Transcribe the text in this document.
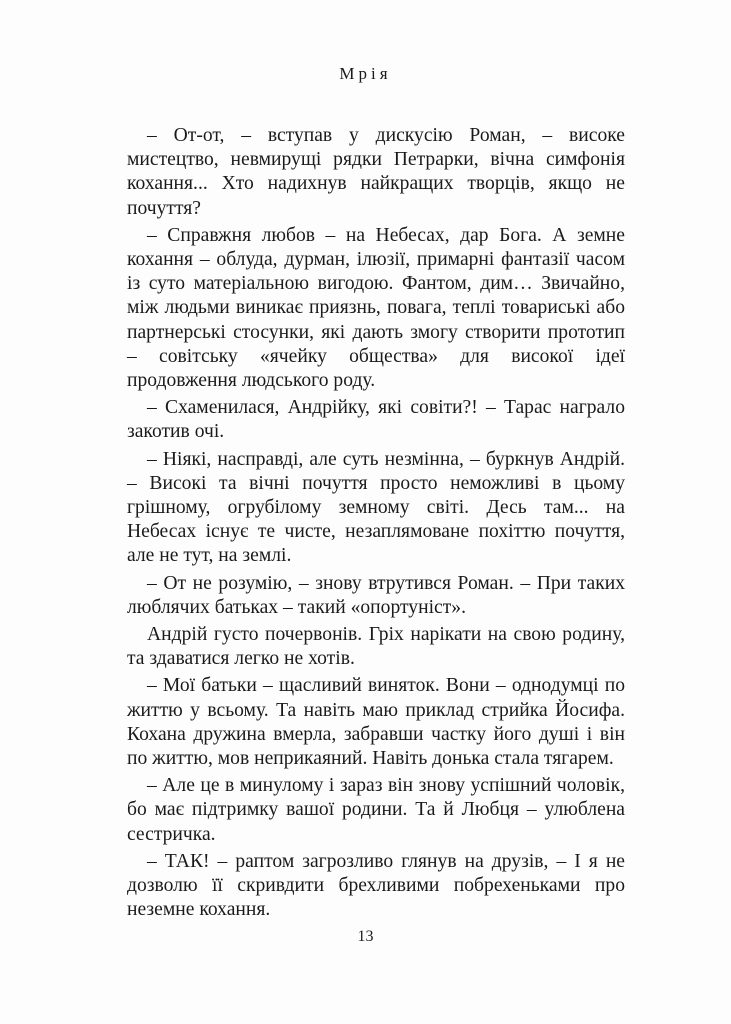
Мрія

– От-от, – вступав у дискусію Роман, – високе мистецтво, невмирущі рядки Петрарки, вічна симфонія кохання... Хто надихнув найкращих творців, якщо не почуття?

– Справжня любов – на Небесах, дар Бога. А земне кохання – облуда, дурман, ілюзії, примарні фантазії часом із суто матеріальною вигодою. Фантом, дим… Звичайно, між людьми виникає приязнь, повага, теплі товариські або партнерські стосунки, які дають змогу створити прототип – совітську «ячейку общества» для високої ідеї продовження людського роду.

– Схаменилася, Андрійку, які совіти?! – Тарас награло закотив очі.

– Ніякі, насправді, але суть незмінна, – буркнув Андрій. – Високі та вічні почуття просто неможливі в цьому грішному, огрубілому земному світі. Десь там... на Небесах існує те чисте, незаплямоване похіттю почуття, але не тут, на землі.

– От не розумію, – знову втрутився Роман. – При таких люблячих батьках – такий «опортуніст».

Андрій густо почервонів. Гріх нарікати на свою родину, та здаватися легко не хотів.

– Мої батьки – щасливий виняток. Вони – однодумці по життю у всьому. Та навіть маю приклад стрийка Йосифа. Кохана дружина вмерла, забравши частку його душі і він по життю, мов неприкаяний. Навіть донька стала тягарем.

– Але це в минулому і зараз він знову успішний чоловік, бо має підтримку вашої родини. Та й Любця – улюблена сестричка.

– ТАК! – раптом загрозливо глянув на друзів, – І я не дозволю її скривдити брехливими побрехеньками про неземне кохання.

13
